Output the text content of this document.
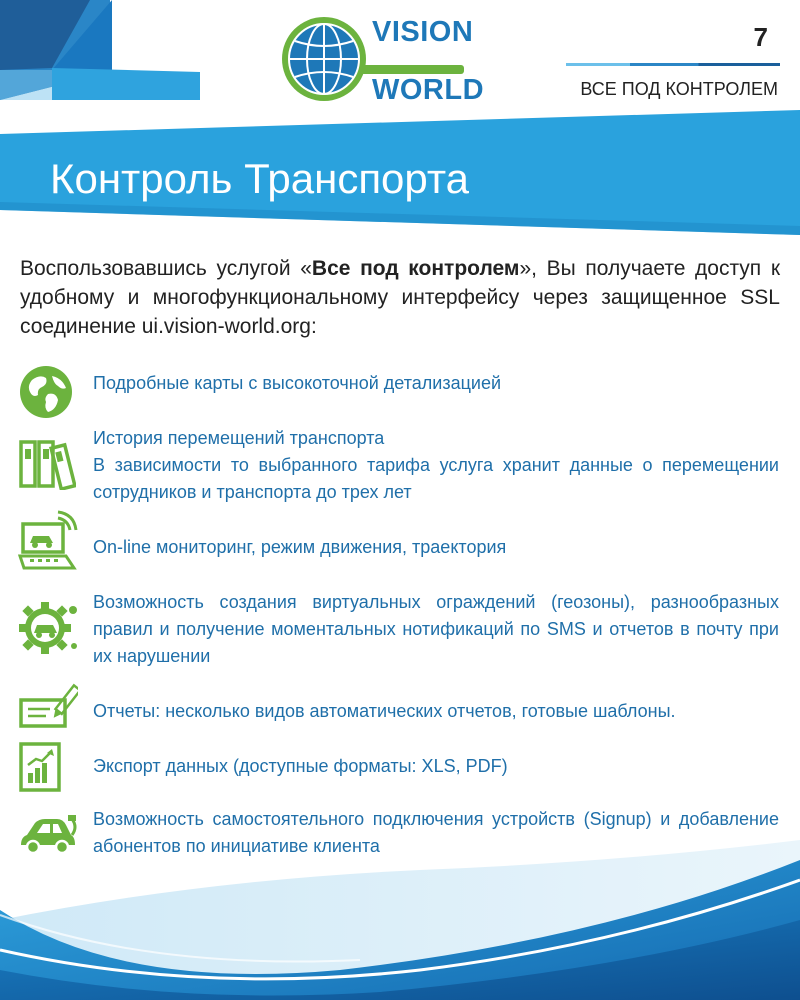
VISION
WORLD
7
ВСЕ ПОД КОНТРОЛЕМ
Контроль Транспорта
Воспользовавшись услугой «Все под контролем», Вы получаете доступ к удобному и многофункциональному интерфейсу через защищенное SSL соединение ui.vision-world.org:
Подробные карты с высокоточной детализацией
История перемещений транспорта
В зависимости то выбранного тарифа услуга хранит данные о перемещении сотрудников и транспорта до трех лет
On-line мониторинг, режим движения, траектория
Возможность создания виртуальных ограждений (геозоны), разнообразных правил и получение моментальных нотификаций по SMS и отчетов в почту при их нарушении
Отчеты: несколько видов автоматических отчетов, готовые шаблоны.
Экспорт данных (доступные форматы: XLS, PDF)
Возможность самостоятельного подключения устройств (Signup) и добавление абонентов по инициативе клиента
